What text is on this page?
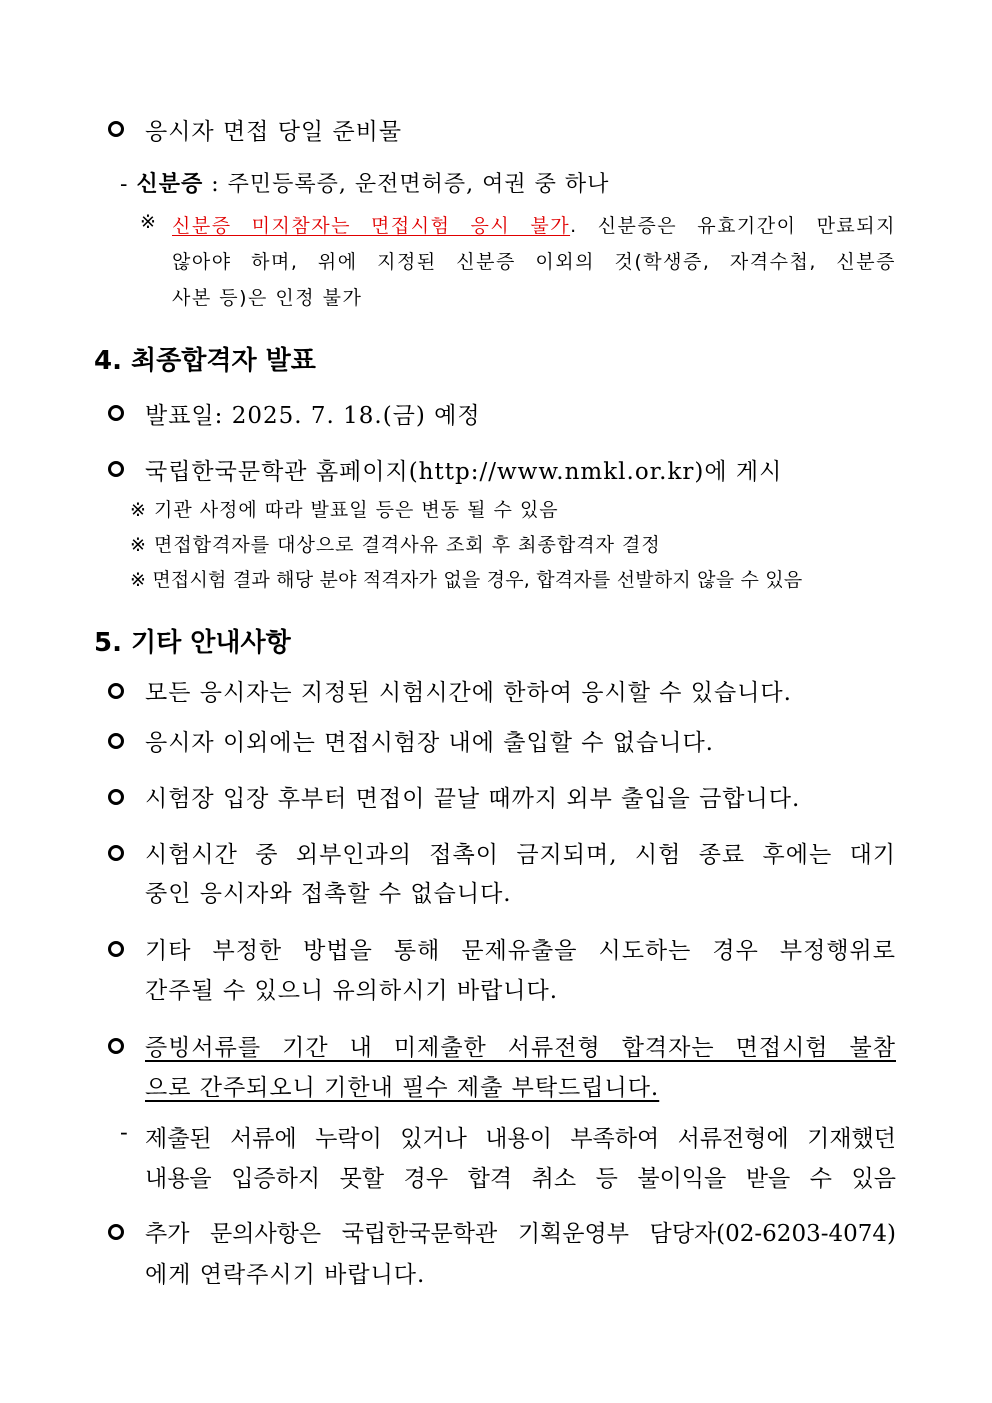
응시자 면접 당일 준비물
- 신분증 : 주민등록증, 운전면허증, 여권 중 하나
※ 신분증 미지참자는 면접시험 응시 불가. 신분증은 유효기간이 만료되지
않아야 하며, 위에 지정된 신분증 이외의 것(학생증, 자격수첩, 신분증
사본 등)은 인정 불가
4. 최종합격자 발표
발표일: 2025. 7. 18.(금) 예정
국립한국문학관 홈페이지(http://www.nmkl.or.kr)에 게시
※ 기관 사정에 따라 발표일 등은 변동 될 수 있음
※ 면접합격자를 대상으로 결격사유 조회 후 최종합격자 결정
※ 면접시험 결과 해당 분야 적격자가 없을 경우, 합격자를 선발하지 않을 수 있음
5. 기타 안내사항
모든 응시자는 지정된 시험시간에 한하여 응시할 수 있습니다.
응시자 이외에는 면접시험장 내에 출입할 수 없습니다.
시험장 입장 후부터 면접이 끝날 때까지 외부 출입을 금합니다.
시험시간 중 외부인과의 접촉이 금지되며, 시험 종료 후에는 대기
중인 응시자와 접촉할 수 없습니다.
기타 부정한 방법을 통해 문제유출을 시도하는 경우 부정행위로
간주될 수 있으니 유의하시기 바랍니다.
증빙서류를 기간 내 미제출한 서류전형 합격자는 면접시험 불참
으로 간주되오니 기한내 필수 제출 부탁드립니다.
- 제출된 서류에 누락이 있거나 내용이 부족하여 서류전형에 기재했던
내용을 입증하지 못할 경우 합격 취소 등 불이익을 받을 수 있음
추가 문의사항은 국립한국문학관 기획운영부 담당자(02-6203-4074)
에게 연락주시기 바랍니다.
